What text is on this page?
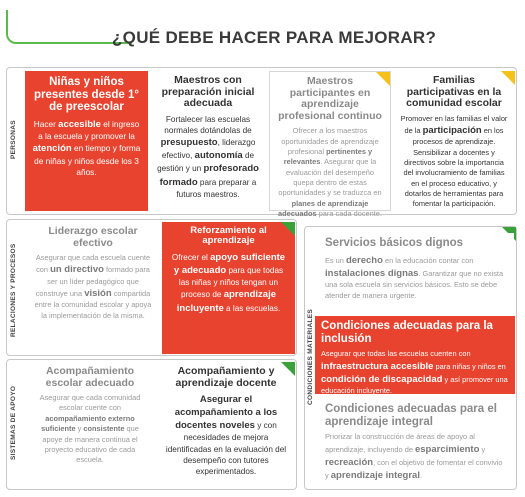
¿QUÉ DEBE HACER PARA MEJORAR?
PERSONAS
Niñas y niños presentes desde 1° de preescolar
Hacer accesible el ingreso a la escuela y promover la atención en tiempo y forma de niñas y niños desde los 3 años.
Maestros con preparación inicial adecuada
Fortalecer las escuelas normales dotándolas de presupuesto, liderazgo efectivo, autonomía de gestión y un profesorado formado para preparar a futuros maestros.
Maestros participantes en aprendizaje profesional continuo
Ofrecer a los maestros oportunidades de aprendizaje profesional pertinentes y relevantes. Asegurar que la evaluación del desempeño quepa dentro de estas oportunidades y se traduzca en planes de aprendizaje adecuados para cada docente.
Familias participativas en la comunidad escolar
Promover en las familias el valor de la participación en los procesos de aprendizaje. Sensibilizar a docentes y directivos sobre la importancia del involucramiento de familias en el proceso educativo, y dotarlos de herramientas para fomentar la participación.
RELACIONES Y PROCESOS
Liderazgo escolar efectivo
Asegurar que cada escuela cuente con un directivo formado para ser un líder pedagógico que construye una visión compartida entre la comunidad escolar y apoya la implementación de la misma.
Reforzamiento al aprendizaje
Ofrecer el apoyo suficiente y adecuado para que todas las niñas y niños tengan un proceso de aprendizaje incluyente a las escuelas.
SISTEMAS DE APOYO
Acompañamiento escolar adecuado
Asegurar que cada comunidad escolar cuente con acompañamiento externo suficiente y consistente que apoye de manera continua el proyecto educativo de cada escuela.
Acompañamiento y aprendizaje docente
Asegurar el acompañamiento a los docentes noveles y con necesidades de mejora identificadas en la evaluación del desempeño con tutores experimentados.
CONDICIONES MATERIALES
Servicios básicos dignos
Es un derecho en la educación contar con instalaciones dignas. Garantizar que no exista una sola escuela sin servicios básicos. Esto se debe atender de manera urgente.
Condiciones adecuadas para la inclusión
Asegurar que todas las escuelas cuenten con infraestructura accesible para niñas y niños en condición de discapacidad y así promover una educación incluyente.
Condiciones adecuadas para el aprendizaje integral
Priorizar la construcción de áreas de apoyo al aprendizaje, incluyendo de esparcimiento y recreación, con el objetivo de fomentar el convivio y aprendizaje integral.
